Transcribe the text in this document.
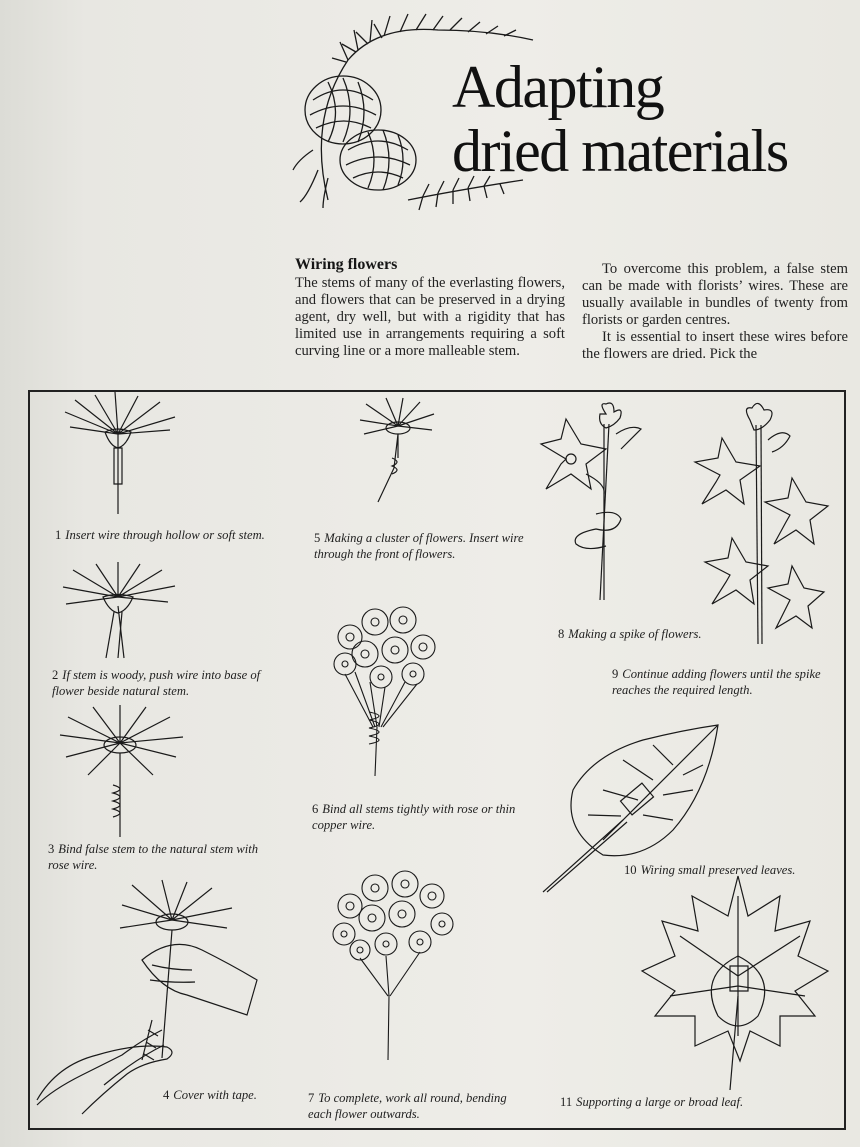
Adapting
dried materials
Wiring flowers

The stems of many of the everlasting flowers, and flowers that can be preserved in a drying agent, dry well, but with a rigidity that has limited use in arrangements requiring a soft curving line or a more malleable stem.

To overcome this problem, a false stem can be made with florists’ wires. These are usually available in bundles of twenty from florists or garden centres.

It is essential to insert these wires before the flowers are dried. Pick the

1 Insert wire through hollow or soft stem.
2 If stem is woody, push wire into base of flower beside natural stem.
3 Bind false stem to the natural stem with rose wire.
4 Cover with tape.
5 Making a cluster of flowers. Insert wire through the front of flowers.
6 Bind all stems tightly with rose or thin copper wire.
7 To complete, work all round, bending each flower outwards.
8 Making a spike of flowers.
9 Continue adding flowers until the spike reaches the required length.
10 Wiring small preserved leaves.
11 Supporting a large or broad leaf.
